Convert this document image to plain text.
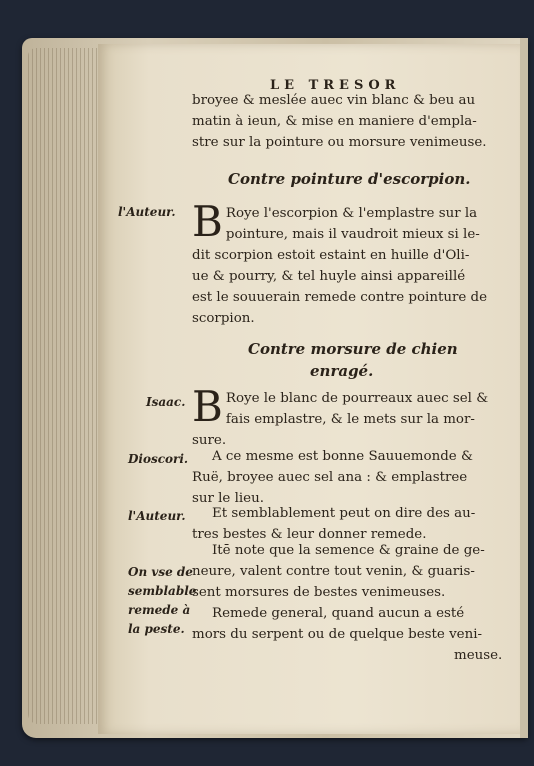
LE TRESOR
broyee & meslée auec vin blanc & beu au
matin à ieun, & mise en maniere d'empla-
stre sur la pointure ou morsure venimeuse.
Contre pointure d'escorpion.
l'Auteur. B Roye l'escorpion & l'emplastre sur la
pointure, mais il vaudroit mieux si le-
dit scorpion estoit estaint en huille d'Oli-
ue & pourry, & tel huyle ainsi appareillé
est le souuerain remede contre pointure de
scorpion.
Contre morsure de chien
enragé.
Isaac. B Roye le blanc de pourreaux auec sel &
fais emplastre, & le mets sur la mor-
sure.
Dioscori.	A ce mesme est bonne Sauuemonde &
Ruë, broyee auec sel ana : & emplastree
sur le lieu.
l'Auteur.	Et semblablement peut on dire des au-
tres bestes & leur donner remede.
On vse de
semblable
remede à
la peste.
Itē note que la semence & graine de ge-
neure, valent contre tout venin, & guaris-
sent morsures de bestes venimeuses.
Remede general, quand aucun a esté
mors du serpent ou de quelque beste veni-
meuse.
